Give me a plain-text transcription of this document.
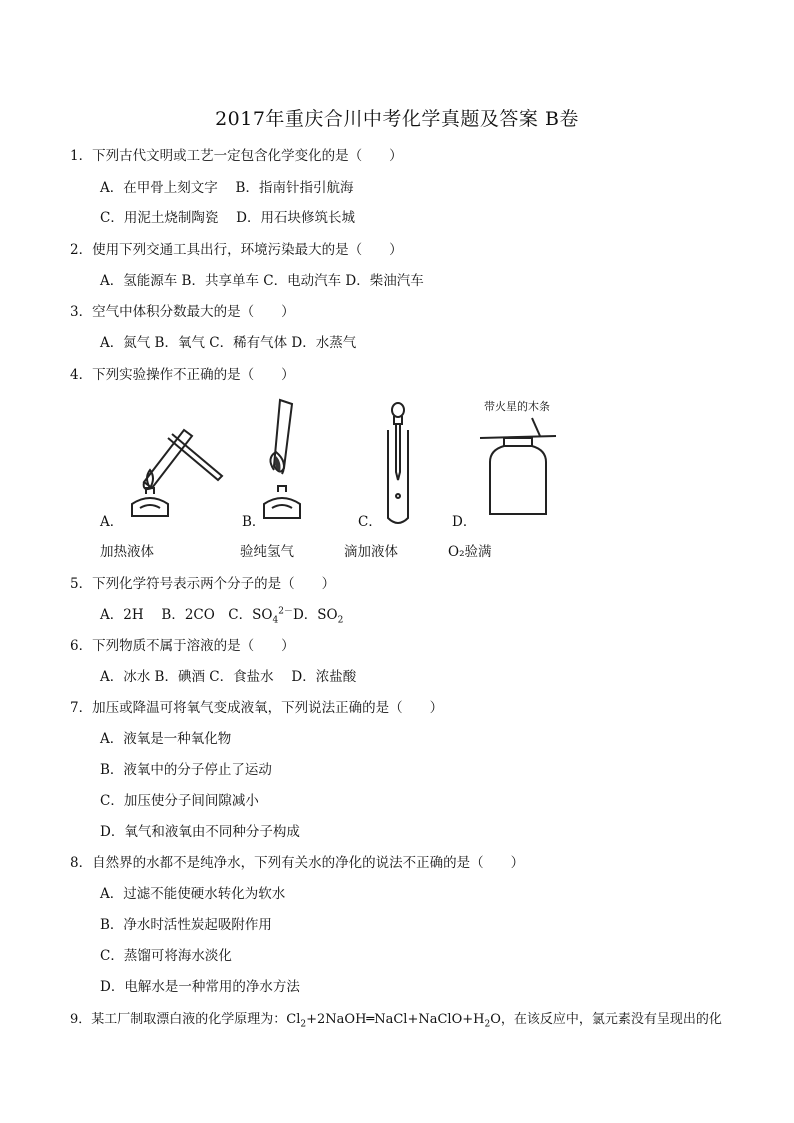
2017年重庆合川中考化学真题及答案 B卷
1．下列古代文明或工艺一定包含化学变化的是（　　）
A．在甲骨上刻文字　 B．指南针指引航海
C．用泥土烧制陶瓷　 D．用石块修筑长城
2．使用下列交通工具出行，环境污染最大的是（　　）
A．氢能源车 B．共享单车 C．电动汽车 D．柴油汽车
3．空气中体积分数最大的是（　　）
A．氮气 B．氧气 C．稀有气体 D．水蒸气
4．下列实验操作不正确的是（　　）
A．	B．	C．
带火星的木条
D．
加热液体	验纯氢气	滴加液体	O₂验满
5．下列化学符号表示两个分子的是（　　）
A．2H　 B．2CO　C．$SO_4^{2-}D$．$SO_2$
6．下列物质不属于溶液的是（　　）
A．冰水 B．碘酒 C．食盐水　 D．浓盐酸
7．加压或降温可将氧气变成液氧，下列说法正确的是（　　）
A．液氧是一种氧化物
B．液氧中的分子停止了运动
C．加压使分子间间隙减小
D．氧气和液氧由不同种分子构成
8．自然界的水都不是纯净水，下列有关水的净化的说法不正确的是（　　）
A．过滤不能使硬水转化为软水
B．净水时活性炭起吸附作用
C．蒸馏可将海水淡化
D．电解水是一种常用的净水方法
9．某工厂制取漂白液的化学原理为：$Cl_2+2NaOH═NaCl+NaClO+H_2O$，在该反应中，氯元素没有呈现出的化
